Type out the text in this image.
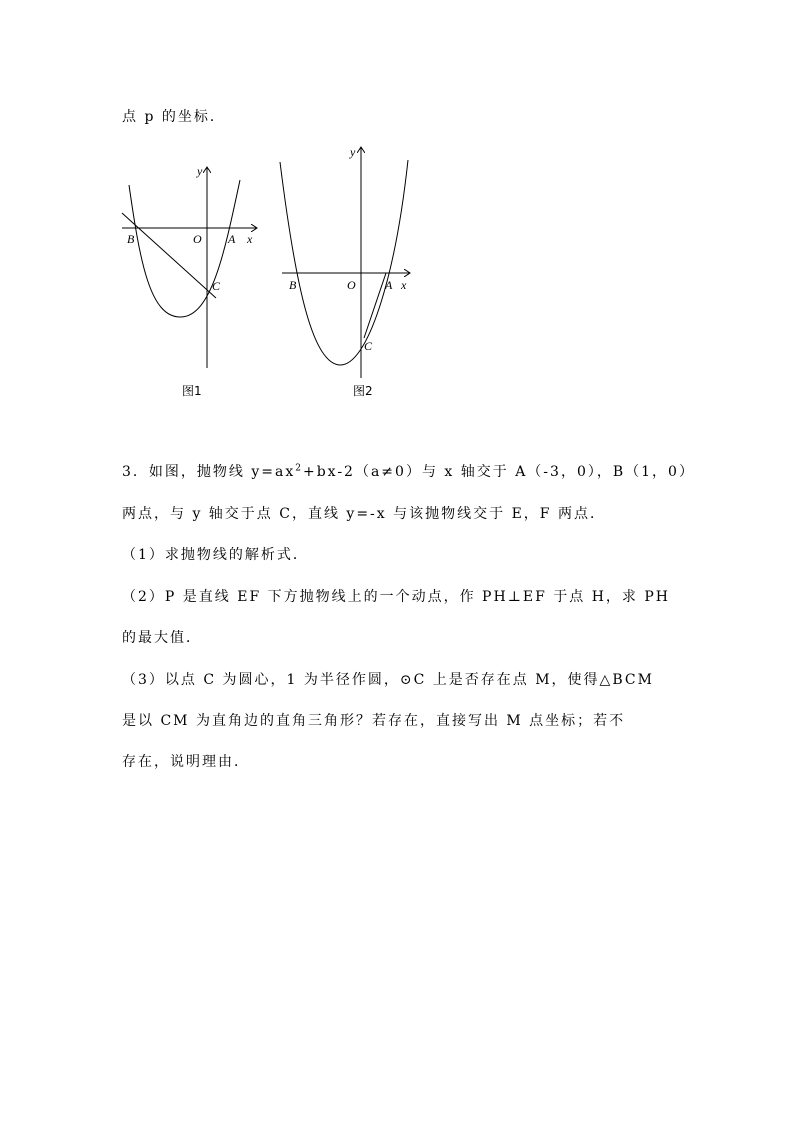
点 p 的坐标．
y
x
O A
B
C
图1
y
x
O A
B
C
图2
3．如图，抛物线 $y=ax^2+bx-2(a\ne 0)$与 x 轴交于 A（-3，0），B（1，0）
两点，与 y 轴交于点 C，直线 y=-x 与该抛物线交于 E，F 两点．
（1）求抛物线的解析式．
（2）P 是直线 EF 下方抛物线上的一个动点，作 PH⊥EF 于点 H，求 PH
的最大值．
（3）以点 C 为圆心，1 为半径作圆，⊙C 上是否存在点 M，使得△BCM
是以 CM 为直角边的直角三角形？若存在，直接写出 M 点坐标；若不
存在，说明理由．
